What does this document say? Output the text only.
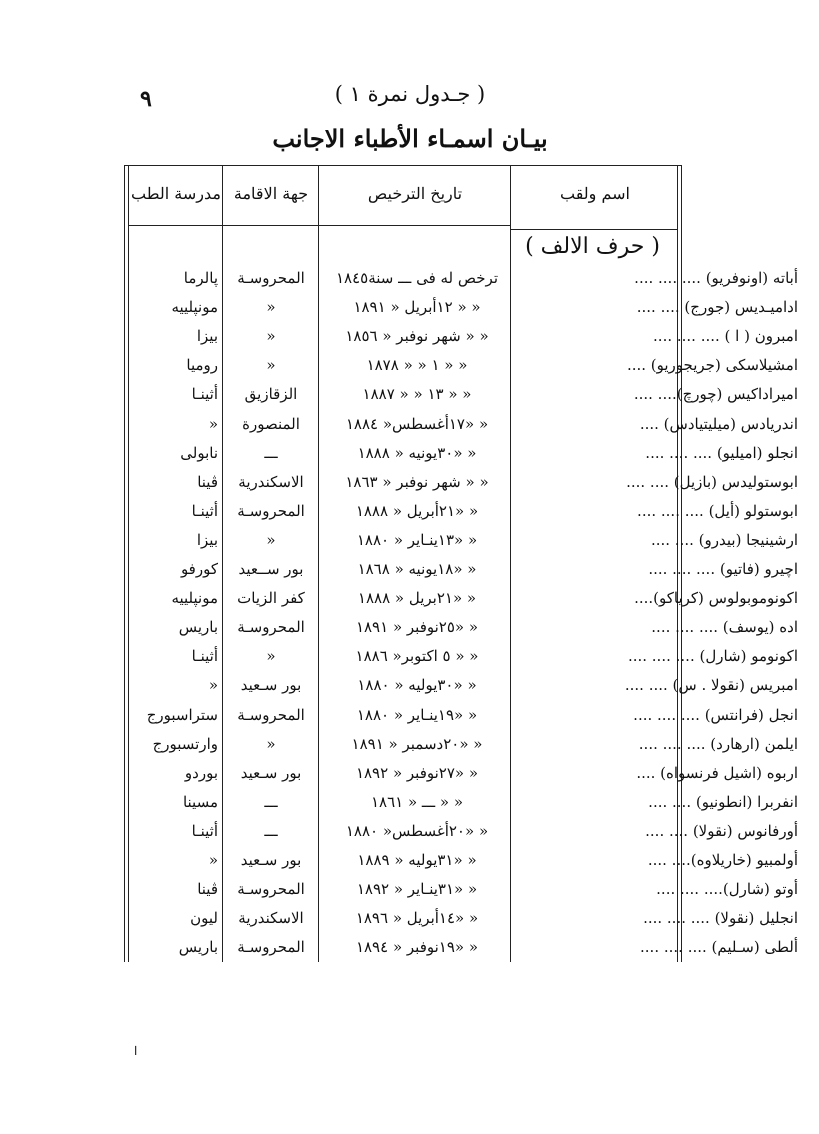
٩	( جـدول نمرة ١ )
بيـان اسمـاء الأطباء الاجانب
اسم ولقب
تاريخ الترخيص
جهة الاقامة
مدرسة الطب
( حرف الالف )
أباته (اونوفريو) .... .... ....
ترخص له فى ـــ سنة١٨٤٥
المحروسـة
پالرما
اداميـديس (جورج) .... ....
« « ١٢أبريل « ١٨٩١
«
مونپلييه
امبرون ( ا ) .... .... ....
« « شهر نوفبر « ١٨٥٦
«
بيزا
امشيلاسكى (جريجوريو) ....
« « ١ « « ١٨٧٨
«
روميا
اميراداكيس (چورچ).... ....
« « ١٣ « « ١٨٨٧
الزقازيق
أثينـا
اندريادس (ميليتيادس) ....
« «١٧أغسطس« ١٨٨٤
المنصورة
«
انجلو (اميليو) .... .... ....
« «٣٠يونيه « ١٨٨٨
ـــ
نابولى
ابوستوليدس (بازيل) .... ....
« « شهر نوفبر « ١٨٦٣
الاسكندرية
ڤينا
ابوستولو (أيل) .... .... ....
« «٢١أبريل « ١٨٨٨
المحروسـة
أثينـا
ارشينيجا (بيدرو) .... ....
« «١٣ينـاير « ١٨٨٠
«
بيزا
اچيرو (فاتيو) .... .... ....
« «١٨يونيه « ١٨٦٨
بور ســعيد
كورفو
اكونوموبولوس (كرياكو)....
« «٢١بريل « ١٨٨٨
كفر الزيات
مونپلييه
اده (يوسف) .... .... ....
« «٢٥نوفبر « ١٨٩١
المحروسـة
باريس
اكونومو (شارل) .... .... ....
« « ٥ اكتوبر« ١٨٨٦
«
أثينـا
امبريس (نقولا . س) .... ....
« «٣٠يوليه « ١٨٨٠
بور سـعيد
«
انجل (فرانتس) .... .... ....
« «١٩ينـاير « ١٨٨٠
المحروسـة
ستراسبورج
ايلمن (ارهارد) .... .... ....
« «٢٠دسمبر « ١٨٩١
«
وارتسبورج
اربوه (اشيل فرنسواه) ....
« «٢٧نوفبر « ١٨٩٢
بور سـعيد
بوردو
انفربرا (انطونيو) .... ....
« « ـــ « ١٨٦١
ـــ
مسينا
أورفانوس (نقولا) .... ....
« «٢٠أغسطس« ١٨٨٠
ـــ
أثينـا
أولمبيو (خاريلاوه).... ....
« «٣١يوليه « ١٨٨٩
بور سـعيد
«
أوتو (شارل).... .... ....
« «٣١ينـاير « ١٨٩٢
المحروسـة
ڤينا
انجليل (نقولا) .... .... ....
« «١٤أبريل « ١٨٩٦
الاسكندرية
ليون
ألطى (سـليم) .... .... ....
« «١٩نوفبر « ١٨٩٤
المحروسـة
باريس
ا
